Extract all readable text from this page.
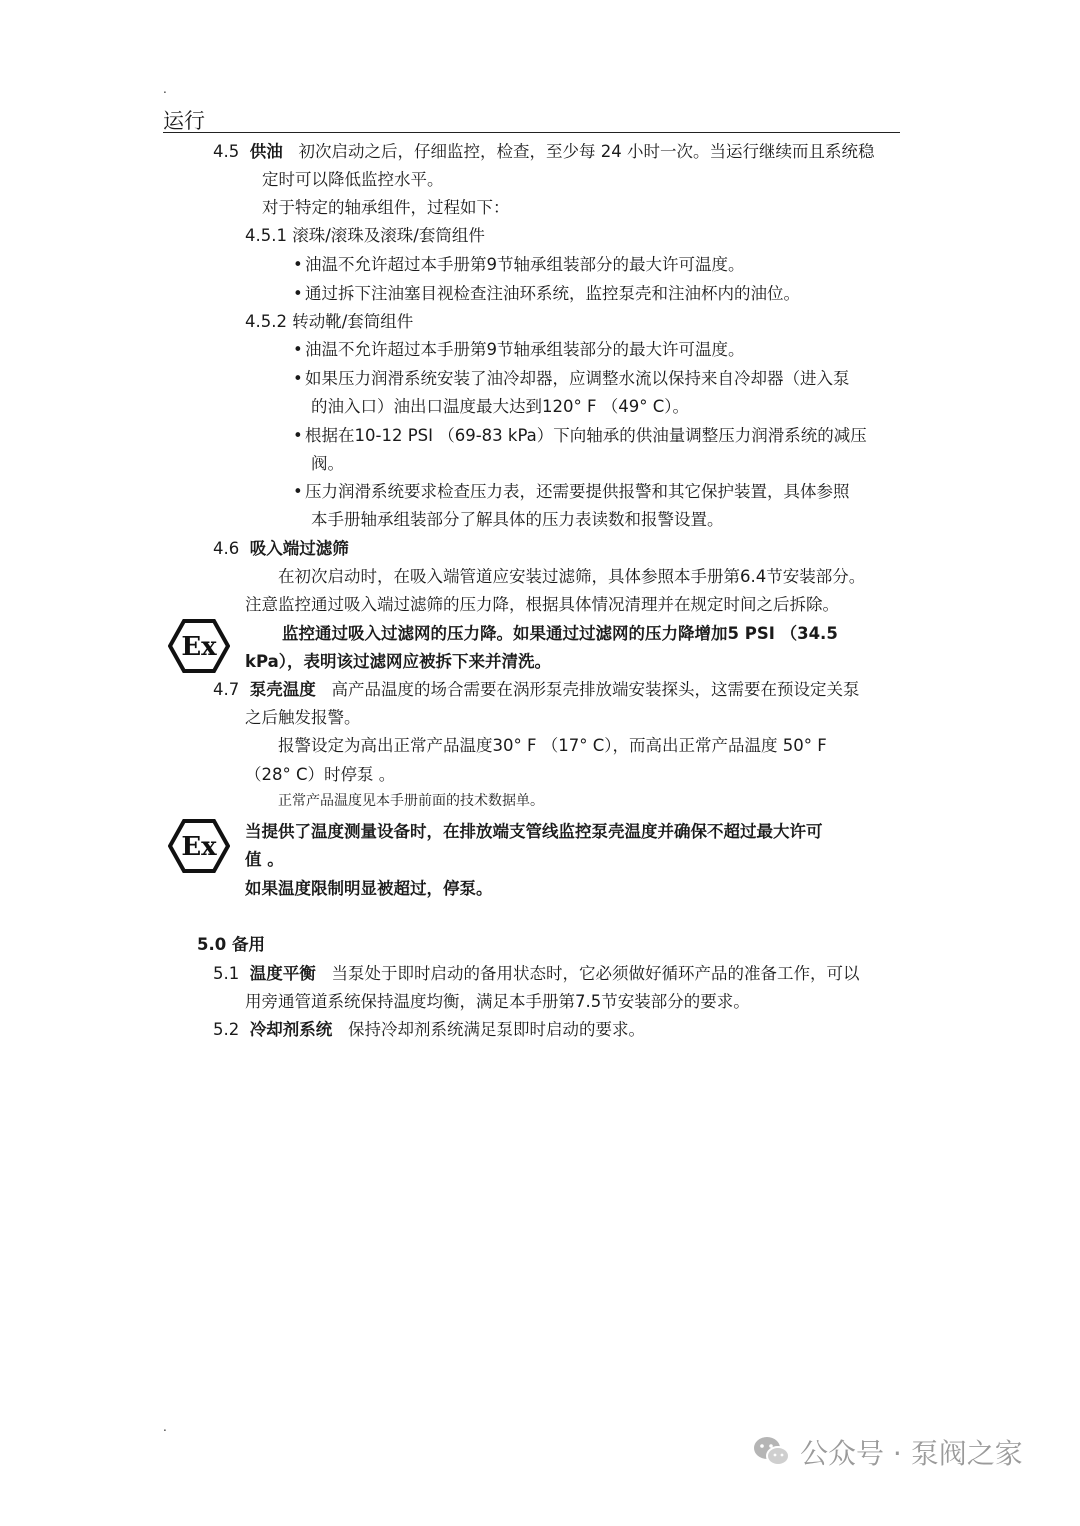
.
运行
4.5 供油 初次启动之后，仔细监控，检查，至少每 24 小时一次。当运行继续而且系统稳
定时可以降低监控水平。
对于特定的轴承组件，过程如下：
4.5.1 滚珠/滚珠及滚珠/套筒组件
• 油温不允许超过本手册第9节轴承组装部分的最大许可温度。
• 通过拆下注油塞目视检查注油环系统，监控泵壳和注油杯内的油位。
4.5.2 转动靴/套筒组件
• 油温不允许超过本手册第9节轴承组装部分的最大许可温度。
• 如果压力润滑系统安装了油冷却器，应调整水流以保持来自冷却器（进入泵
的油入口）油出口温度最大达到120° F （49° C）。
• 根据在10-12 PSI （69-83 kPa）下向轴承的供油量调整压力润滑系统的减压
阀。
• 压力润滑系统要求检查压力表，还需要提供报警和其它保护装置，具体参照
本手册轴承组装部分了解具体的压力表读数和报警设置。
4.6 吸入端过滤筛
在初次启动时，在吸入端管道应安装过滤筛，具体参照本手册第6.4节安装部分。
注意监控通过吸入端过滤筛的压力降，根据具体情况清理并在规定时间之后拆除。
Ex	监控通过吸入过滤网的压力降。如果通过过滤网的压力降增加5 PSI （34.5
kPa），表明该过滤网应被拆下来并清洗。
4.7 泵壳温度 高产品温度的场合需要在涡形泵壳排放端安装探头，这需要在预设定关泵
之后触发报警。
报警设定为高出正常产品温度30° F （17° C），而高出正常产品温度 50° F
（28° C）时停泵 。
正常产品温度见本手册前面的技术数据单。
Ex
当提供了温度测量设备时，在排放端支管线监控泵壳温度并确保不超过最大许可
值 。
如果温度限制明显被超过，停泵。
5.0 备用
5.1 温度平衡 当泵处于即时启动的备用状态时，它必须做好循环产品的准备工作，可以
用旁通管道系统保持温度均衡，满足本手册第7.5节安装部分的要求。
5.2 冷却剂系统 保持冷却剂系统满足泵即时启动的要求。
.
公众号 · 泵阀之家
